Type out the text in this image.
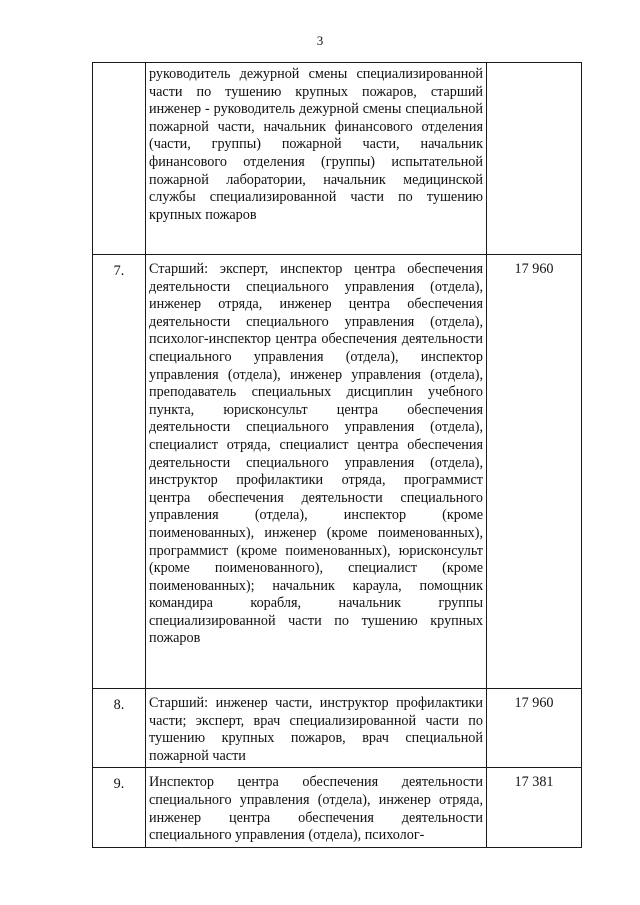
3
	руководитель дежурной смены специализированной части по тушению крупных пожаров, старший инженер - руководитель дежурной смены специальной пожарной части, начальник финансового отделения (части, группы) пожарной части, начальник финансового отделения (группы) испытательной пожарной лаборатории, начальник медицинской службы специализированной части по тушению крупных пожаров	
7.	Старший: эксперт, инспектор центра обеспечения деятельности специального управления (отдела), инженер отряда, инженер центра обеспечения деятельности специального управления (отдела), психолог-инспектор центра обеспечения деятельности специального управления (отдела), инспектор управления (отдела), инженер управления (отдела), преподаватель специальных дисциплин учебного пункта, юрисконсульт центра обеспечения деятельности специального управления (отдела), специалист отряда, специалист центра обеспечения деятельности специального управления (отдела), инструктор профилактики отряда, программист центра обеспечения деятельности специального управления (отдела), инспектор (кроме поименованных), инженер (кроме поименованных), программист (кроме поименованных), юрисконсульт (кроме поименованного), специалист (кроме поименованных); начальник караула, помощник командира корабля, начальник группы специализированной части по тушению крупных пожаров	17 960
8.	Старший: инженер части, инструктор профилактики части; эксперт, врач специализированной части по тушению крупных пожаров, врач специальной пожарной части	17 960
9.	Инспектор центра обеспечения деятельности специального управления (отдела), инженер отряда, инженер центра обеспечения деятельности специального управления (отдела), психолог-	17 381
